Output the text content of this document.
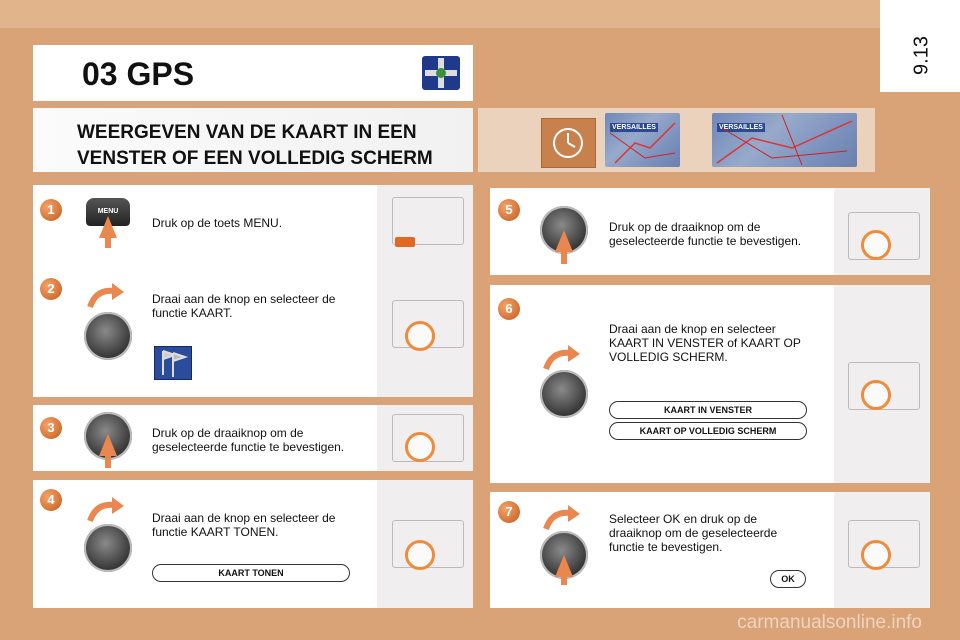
9.13
03 GPS
WEERGEVEN VAN DE KAART IN EEN
VENSTER OF EEN VOLLEDIG SCHERM
VERSAILLES	VERSAILLES
1	MENU
Druk op de toets MENU.
2
Draai aan de knop en selecteer de
functie KAART.
3	Druk op de draaiknop om de
geselecteerde functie te bevestigen.
4
Draai aan de knop en selecteer de
functie KAART TONEN.
KAART TONEN
5
Druk op de draaiknop om de
geselecteerde functie te bevestigen.
6
Draai aan de knop en selecteer
KAART IN VENSTER of KAART OP
VOLLEDIG SCHERM.
KAART IN VENSTER
KAART OP VOLLEDIG SCHERM
7	Selecteer OK en druk op de
draaiknop om de geselecteerde
functie te bevestigen.
OK
carmanualsonline.info
